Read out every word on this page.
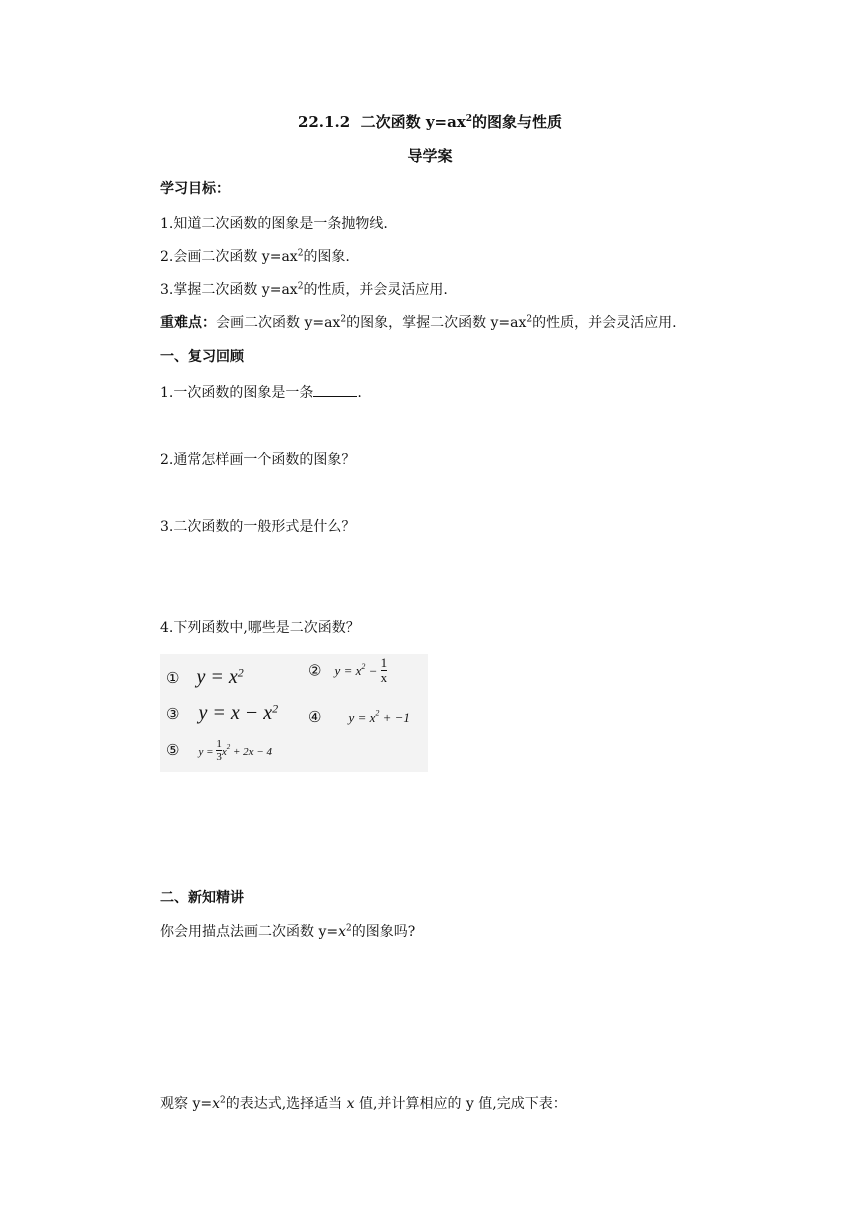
22.1.2 二次函数 $y=ax^2$的图象与性质
导学案
学习目标：
1.知道二次函数的图象是一条抛物线.
2.会画二次函数 $y=ax^2$的图象.
3.掌握二次函数 $y=ax^2$的性质，并会灵活应用.
重难点：会画二次函数 $y=ax^2$的图象，掌握二次函数 $y=ax^2$的性质，并会灵活应用.
一、复习回顾
1.一次函数的图象是一条	.
2.通常怎样画一个函数的图象？
3.二次函数的一般形式是什么？
4.下列函数中,哪些是二次函数？
① $y = x^2$	② $y = x^2 - \frac{1}{x}$
③ $y = x - x^2$ ④ $y = x^2 + -1$
⑤ $y = \frac{1}{3} x^2 + 2x - 4$
二、新知精讲
你会用描点法画二次函数 $y=x^2$的图象吗?
观察 $y=x^2$的表达式,选择适当 x 值,并计算相应的 y 值,完成下表：
